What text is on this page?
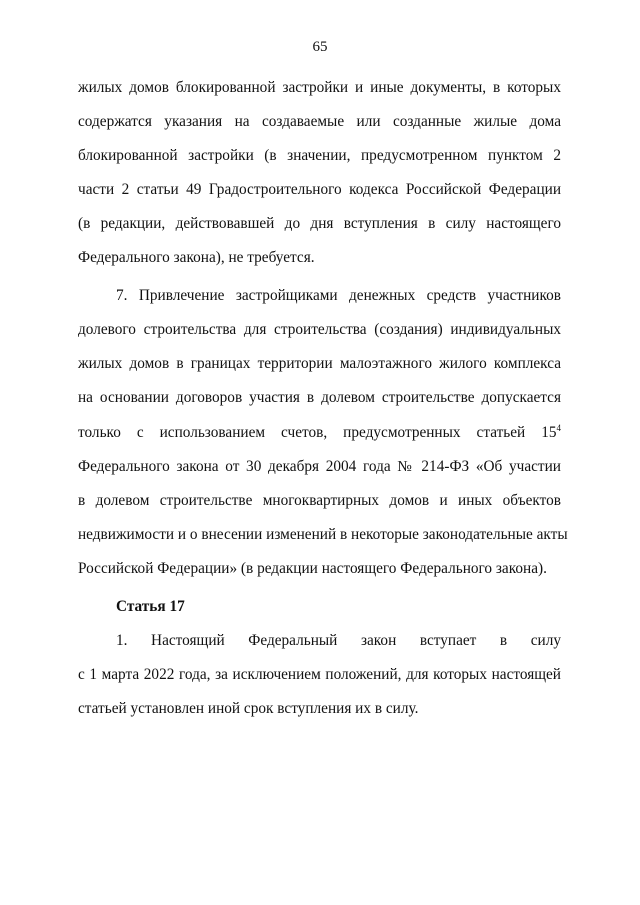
65
жилых домов блокированной застройки и иные документы, в которых
содержатся указания на создаваемые или созданные жилые дома
блокированной застройки (в значении, предусмотренном пунктом 2
части 2 статьи 49 Градостроительного кодекса Российской Федерации
(в редакции, действовавшей до дня вступления в силу настоящего
Федерального закона), не требуется.
7. Привлечение застройщиками денежных средств участников
долевого строительства для строительства (создания) индивидуальных
жилых домов в границах территории малоэтажного жилого комплекса
на основании договоров участия в долевом строительстве допускается
только с использованием счетов, предусмотренных статьей $15^4$
Федерального закона от 30 декабря 2004 года № 214-ФЗ «Об участии
в долевом строительстве многоквартирных домов и иных объектов
недвижимости и о внесении изменений в некоторые законодательные акты
Российской Федерации» (в редакции настоящего Федерального закона).
Статья 17
1. Настоящий Федеральный закон вступает в силу
с 1 марта 2022 года, за исключением положений, для которых настоящей
статьей установлен иной срок вступления их в силу.
